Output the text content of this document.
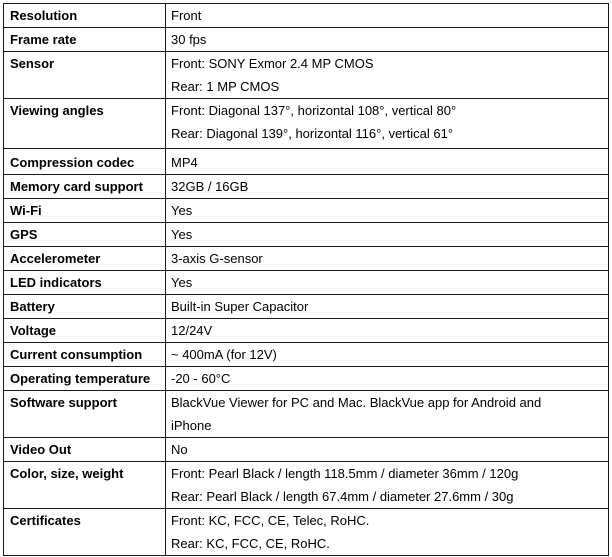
Resolution	Front

Frame rate	30 fps

Sensor	Front: SONY Exmor 2.4 MP CMOS
Rear: 1 MP CMOS

Viewing angles	Front: Diagonal 137°, horizontal 108°, vertical 80°
Rear: Diagonal 139°, horizontal 116°, vertical 61°

Compression codec	MP4

Memory card support	32GB / 16GB

Wi-Fi	Yes

GPS	Yes

Accelerometer	3-axis G-sensor

LED indicators	Yes

Battery	Built-in Super Capacitor

Voltage	12/24V

Current consumption	~ 400mA (for 12V)

Operating temperature	-20 - 60°C

Software support	BlackVue Viewer for PC and Mac. BlackVue app for Android and
iPhone

Video Out	No

Color, size, weight	Front: Pearl Black / length 118.5mm / diameter 36mm / 120g
Rear: Pearl Black / length 67.4mm / diameter 27.6mm / 30g

Certificates	Front: KC, FCC, CE, Telec, RoHC.
Rear: KC, FCC, CE, RoHC.
